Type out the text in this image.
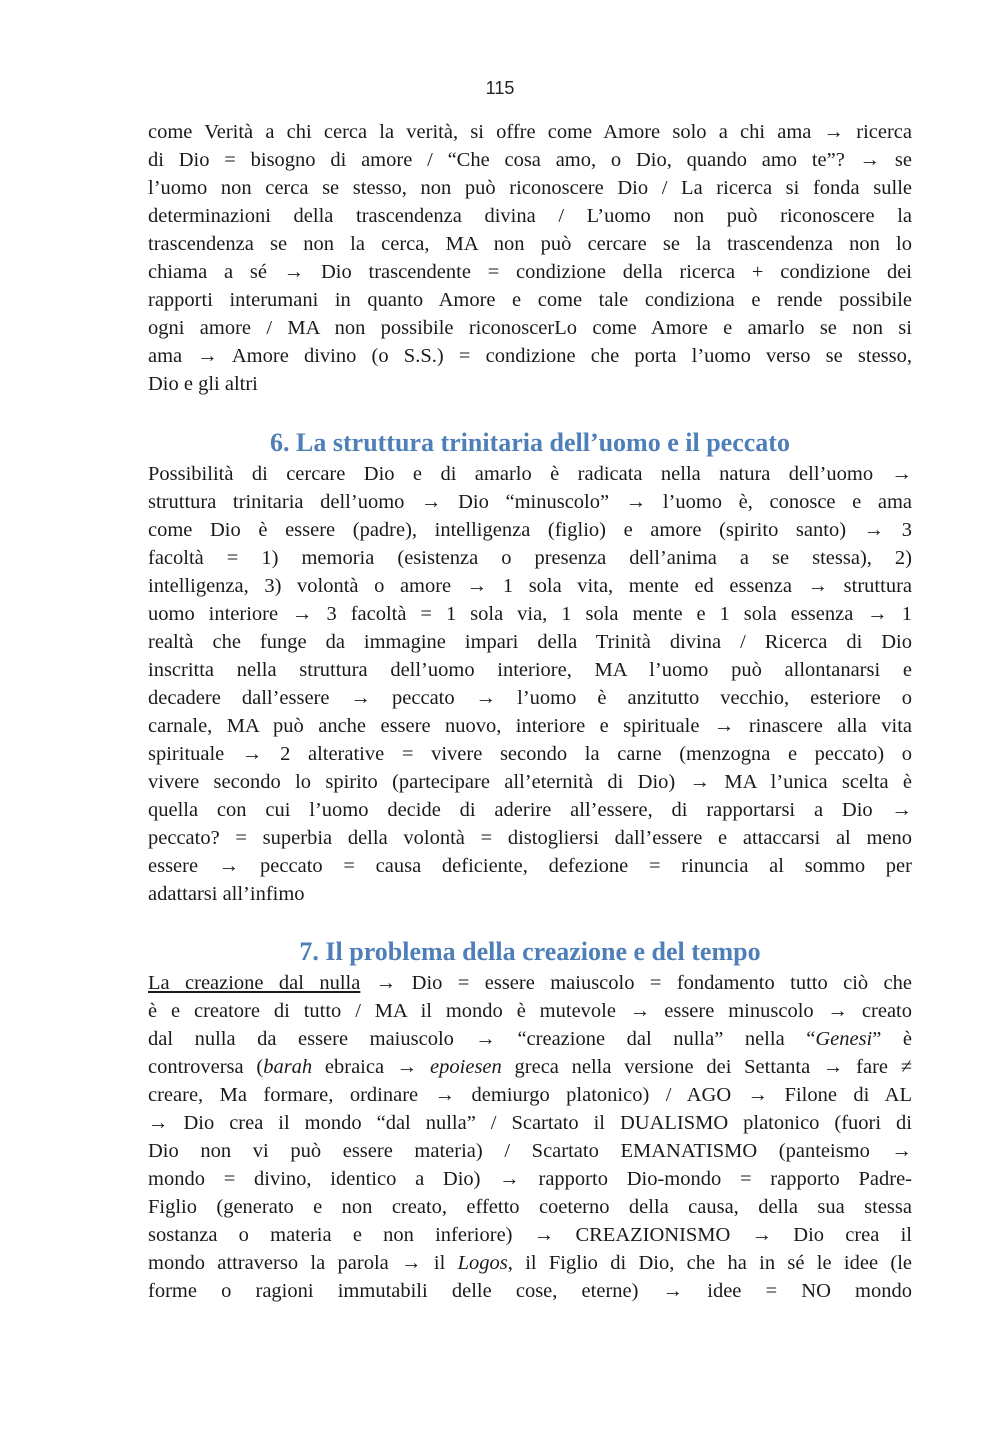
115
come Verità a chi cerca la verità, si offre come Amore solo a chi ama → ricerca
di Dio = bisogno di amore / “Che cosa amo, o Dio, quando amo te”? → se
l’uomo non cerca se stesso, non può riconoscere Dio / La ricerca si fonda sulle
determinazioni della trascendenza divina / L’uomo non può riconoscere la
trascendenza se non la cerca, MA non può cercare se la trascendenza non lo
chiama a sé → Dio trascendente = condizione della ricerca + condizione dei
rapporti interumani in quanto Amore e come tale condiziona e rende possibile
ogni amore / MA non possibile riconoscerLo come Amore e amarlo se non si
ama → Amore divino (o S.S.) = condizione che porta l’uomo verso se stesso,
Dio e gli altri
6. La struttura trinitaria dell’uomo e il peccato
Possibilità di cercare Dio e di amarlo è radicata nella natura dell’uomo →
struttura trinitaria dell’uomo → Dio “minuscolo” → l’uomo è, conosce e ama
come Dio è essere (padre), intelligenza (figlio) e amore (spirito santo) → 3
facoltà = 1) memoria (esistenza o presenza dell’anima a se stessa), 2)
intelligenza, 3) volontà o amore → 1 sola vita, mente ed essenza → struttura
uomo interiore → 3 facoltà = 1 sola via, 1 sola mente e 1 sola essenza → 1
realtà che funge da immagine impari della Trinità divina / Ricerca di Dio
inscritta nella struttura dell’uomo interiore, MA l’uomo può allontanarsi e
decadere dall’essere → peccato → l’uomo è anzitutto vecchio, esteriore o
carnale, MA può anche essere nuovo, interiore e spirituale → rinascere alla vita
spirituale → 2 alterative = vivere secondo la carne (menzogna e peccato) o
vivere secondo lo spirito (partecipare all’eternità di Dio) → MA l’unica scelta è
quella con cui l’uomo decide di aderire all’essere, di rapportarsi a Dio →
peccato? = superbia della volontà = distogliersi dall’essere e attaccarsi al meno
essere → peccato = causa deficiente, defezione = rinuncia al sommo per
adattarsi all’infimo
7. Il problema della creazione e del tempo
La creazione dal nulla → Dio = essere maiuscolo = fondamento tutto ciò che
è e creatore di tutto / MA il mondo è mutevole → essere minuscolo → creato
dal nulla da essere maiuscolo → “creazione dal nulla” nella “Genesi” è
controversa (barah ebraica → epoiesen greca nella versione dei Settanta → fare ≠
creare, Ma formare, ordinare → demiurgo platonico) / AGO → Filone di AL
→ Dio crea il mondo “dal nulla” / Scartato il DUALISMO platonico (fuori di
Dio non vi può essere materia) / Scartato EMANATISMO (panteismo →
mondo = divino, identico a Dio) → rapporto Dio-mondo = rapporto Padre-
Figlio (generato e non creato, effetto coeterno della causa, della sua stessa
sostanza o materia e non inferiore) → CREAZIONISMO → Dio crea il
mondo attraverso la parola → il Logos, il Figlio di Dio, che ha in sé le idee (le
forme o ragioni immutabili delle cose, eterne) → idee = NO mondo
